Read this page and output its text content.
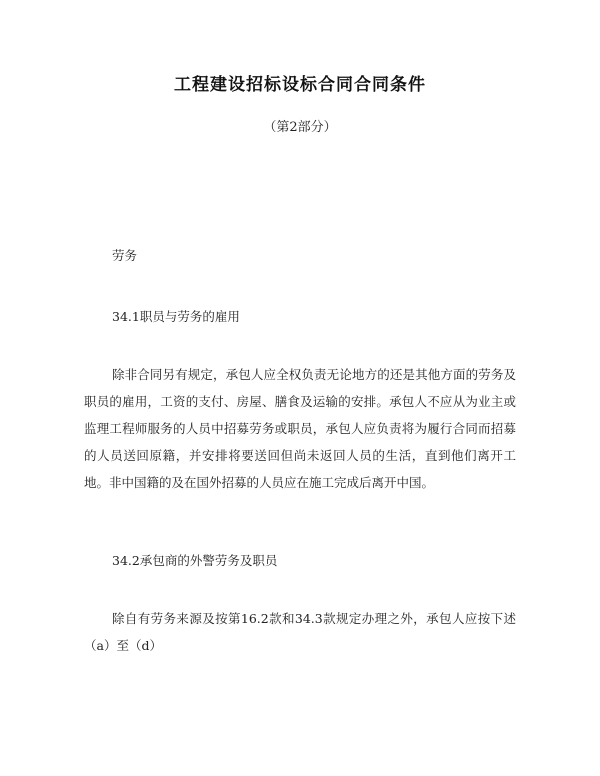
工程建设招标设标合同合同条件
（第2部分）
劳务
34.1职员与劳务的雇用
除非合同另有规定，承包人应全权负责无论地方的还是其他方面的劳务及职员的雇用，工资的支付、房屋、膳食及运输的安排。承包人不应从为业主或监理工程师服务的人员中招募劳务或职员，承包人应负责将为履行合同而招募的人员送回原籍，并安排将要送回但尚未返回人员的生活，直到他们离开工地。非中国籍的及在国外招募的人员应在施工完成后离开中国。
34.2承包商的外警劳务及职员
除自有劳务来源及按第16.2款和34.3款规定办理之外，承包人应按下述（a）至（d）
